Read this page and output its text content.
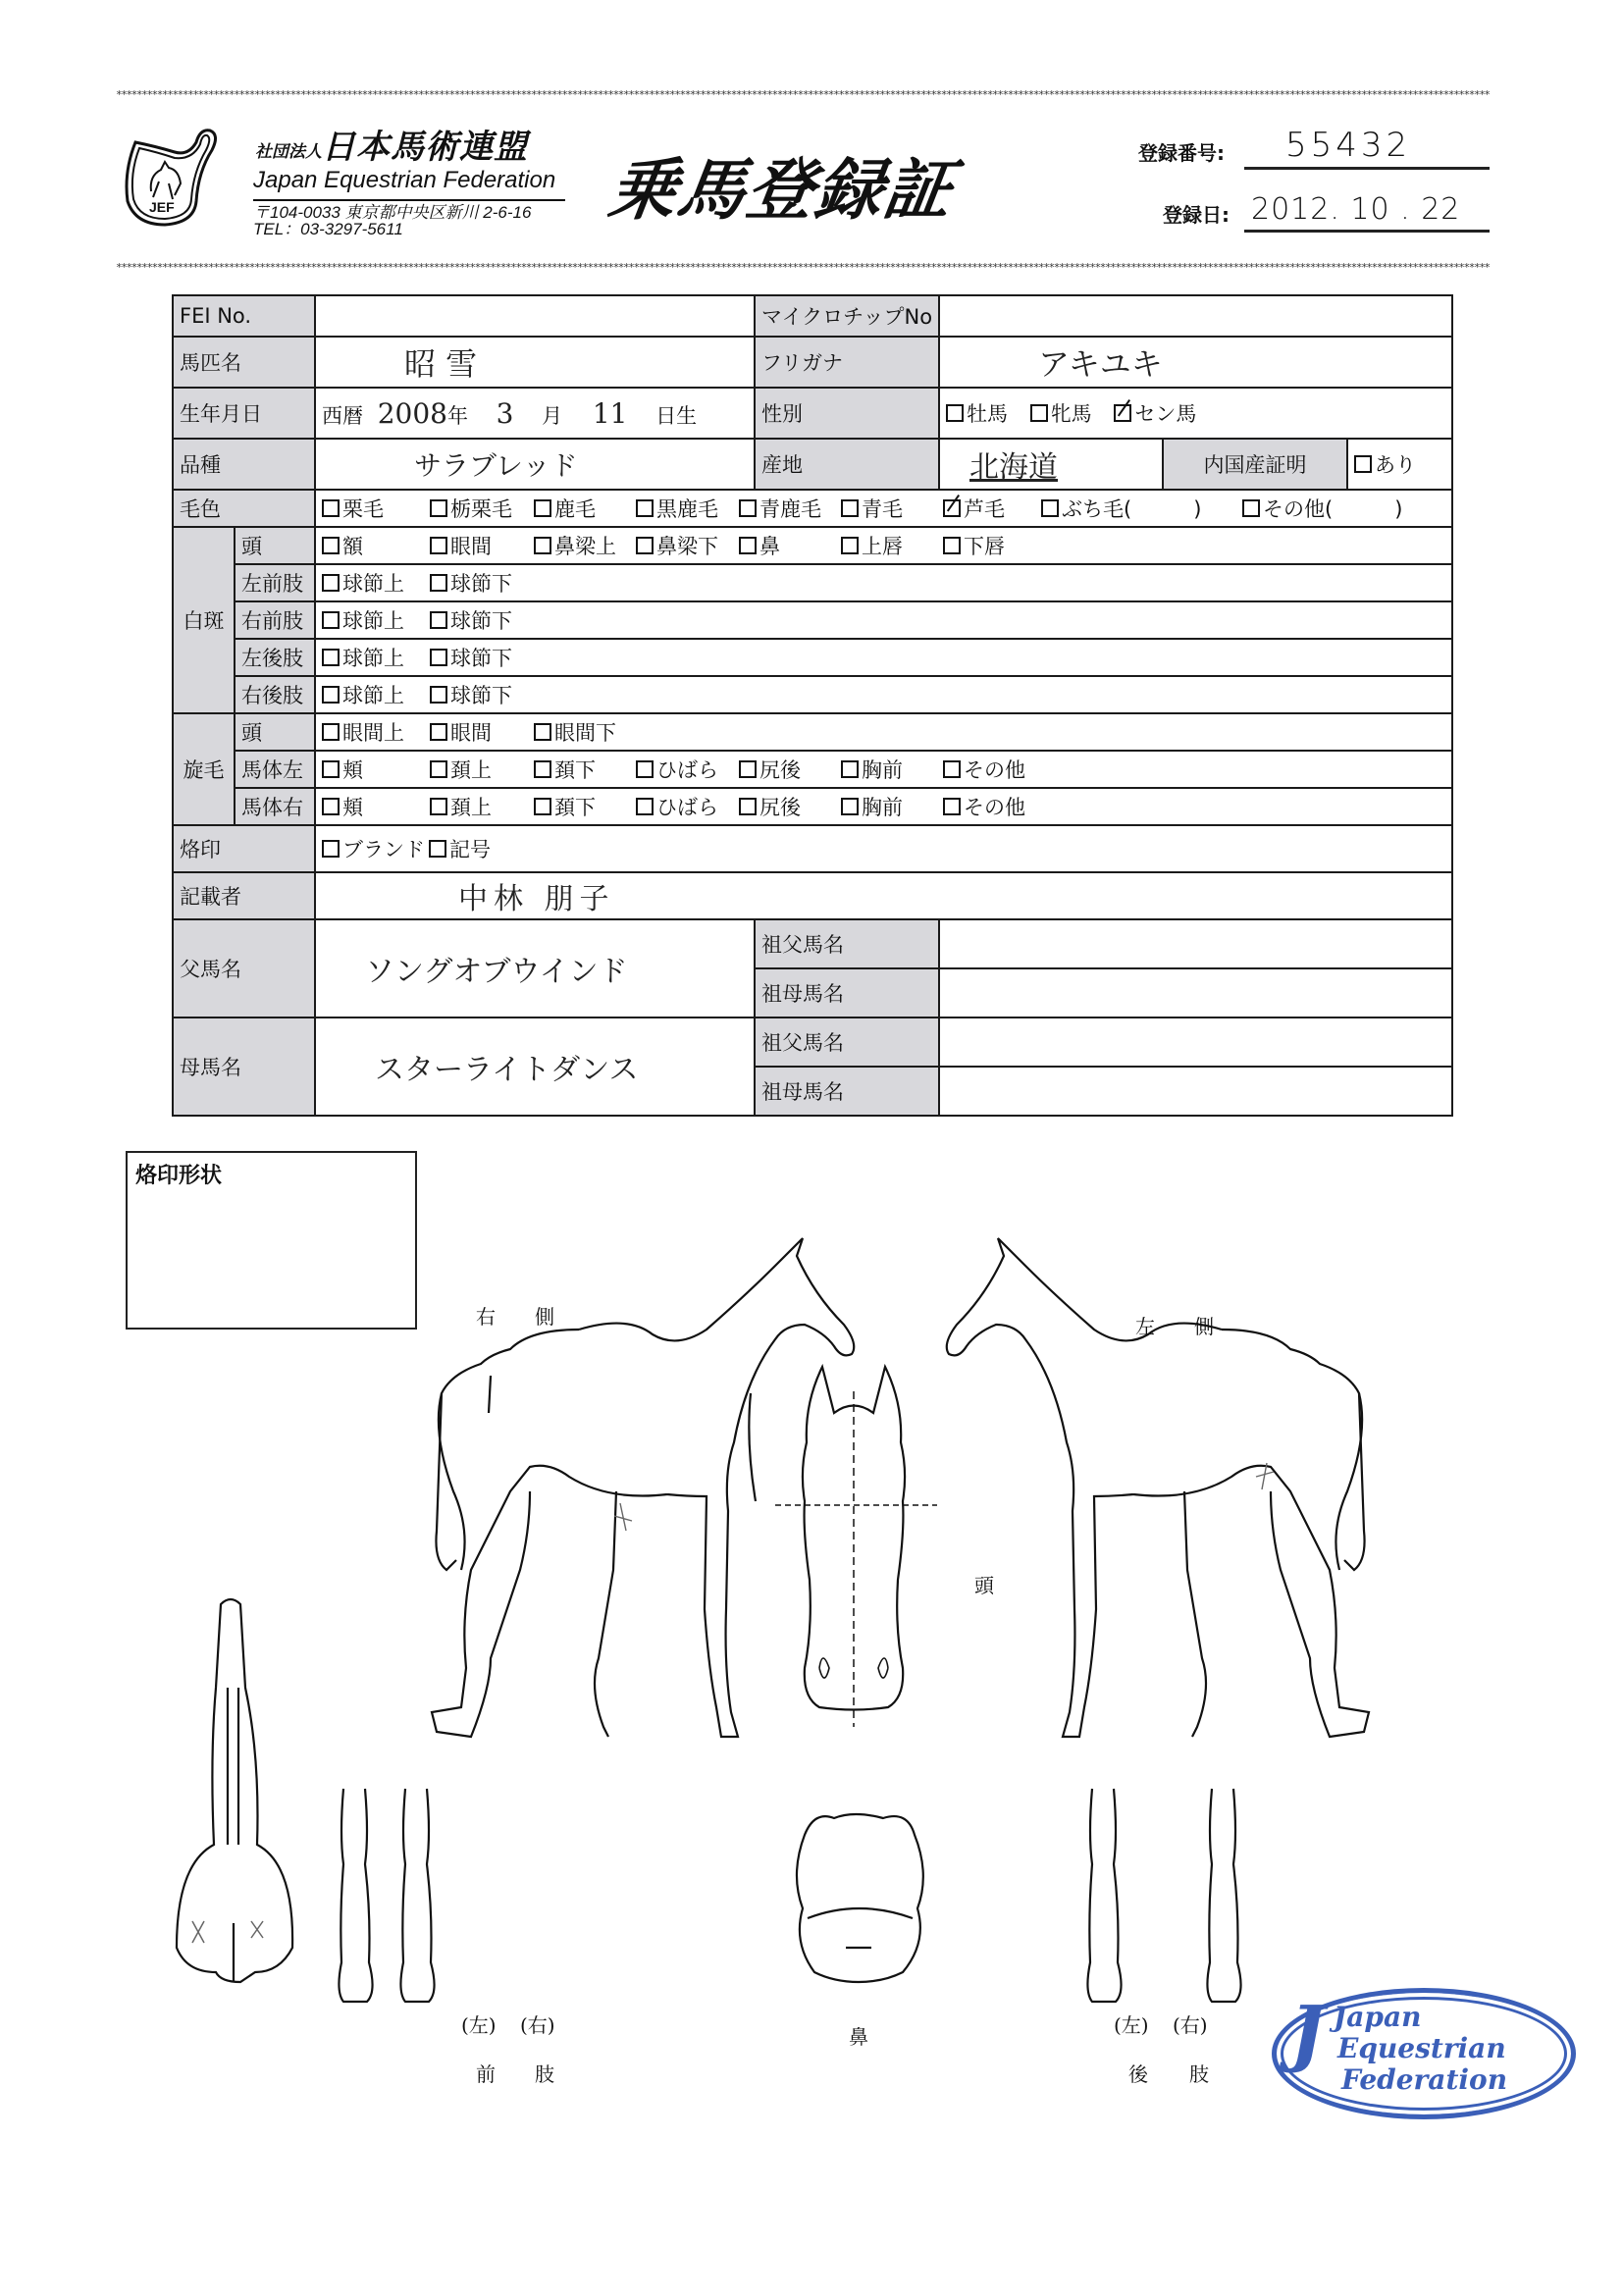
****************************************************************************************************************************************************************************************************************************************************************************
JEF
社団法人 日本馬術連盟
Japan Equestrian Federation
〒104-0033 東京都中央区新川 2-6-16
TEL：03-3297-5611	乗馬登録証	登録番号: 55432
登録日: 2012. 10 . 22
****************************************************************************************************************************************************************************************************************************************************************************
FEI No.			マイクロチップNo			
馬匹名		昭 雪	フリガナ	アキユキ		
生年月日		西暦 2008年 3 月 11 日生	性別	牡馬 牝馬 セン馬		
品種		サラブレッド	産地	北海道	内国産証明	あり
毛色		栗毛 栃栗毛 鹿毛 黒鹿毛 青鹿毛 青毛 芦毛 ぶち毛(　　　) その他(　　　)				
白斑	頭	額 眼間 鼻梁上 鼻梁下 鼻 上唇 下唇				
	左前肢	球節上 球節下				
	右前肢	球節上 球節下				
	左後肢	球節上 球節下				
	右後肢	球節上 球節下				
旋毛	頭	眼間上 眼間 眼間下				
	馬体左	頬 頚上 頚下 ひばら 尻後 胸前 その他				
	馬体右	頬 頚上 頚下 ひばら 尻後 胸前 その他				
烙印		ブランド 記号				
記載者		中林 朋子				
父馬名		ソングオブウインド	祖父馬名			
			祖母馬名			
母馬名		スターライトダンス	祖父馬名			
			祖母馬名			
烙印形状
右　　側	左　　側
頭
(左) (右)
前 肢
鼻	(左) (右)
後 肢 J Japan
Equestrian
Federation
